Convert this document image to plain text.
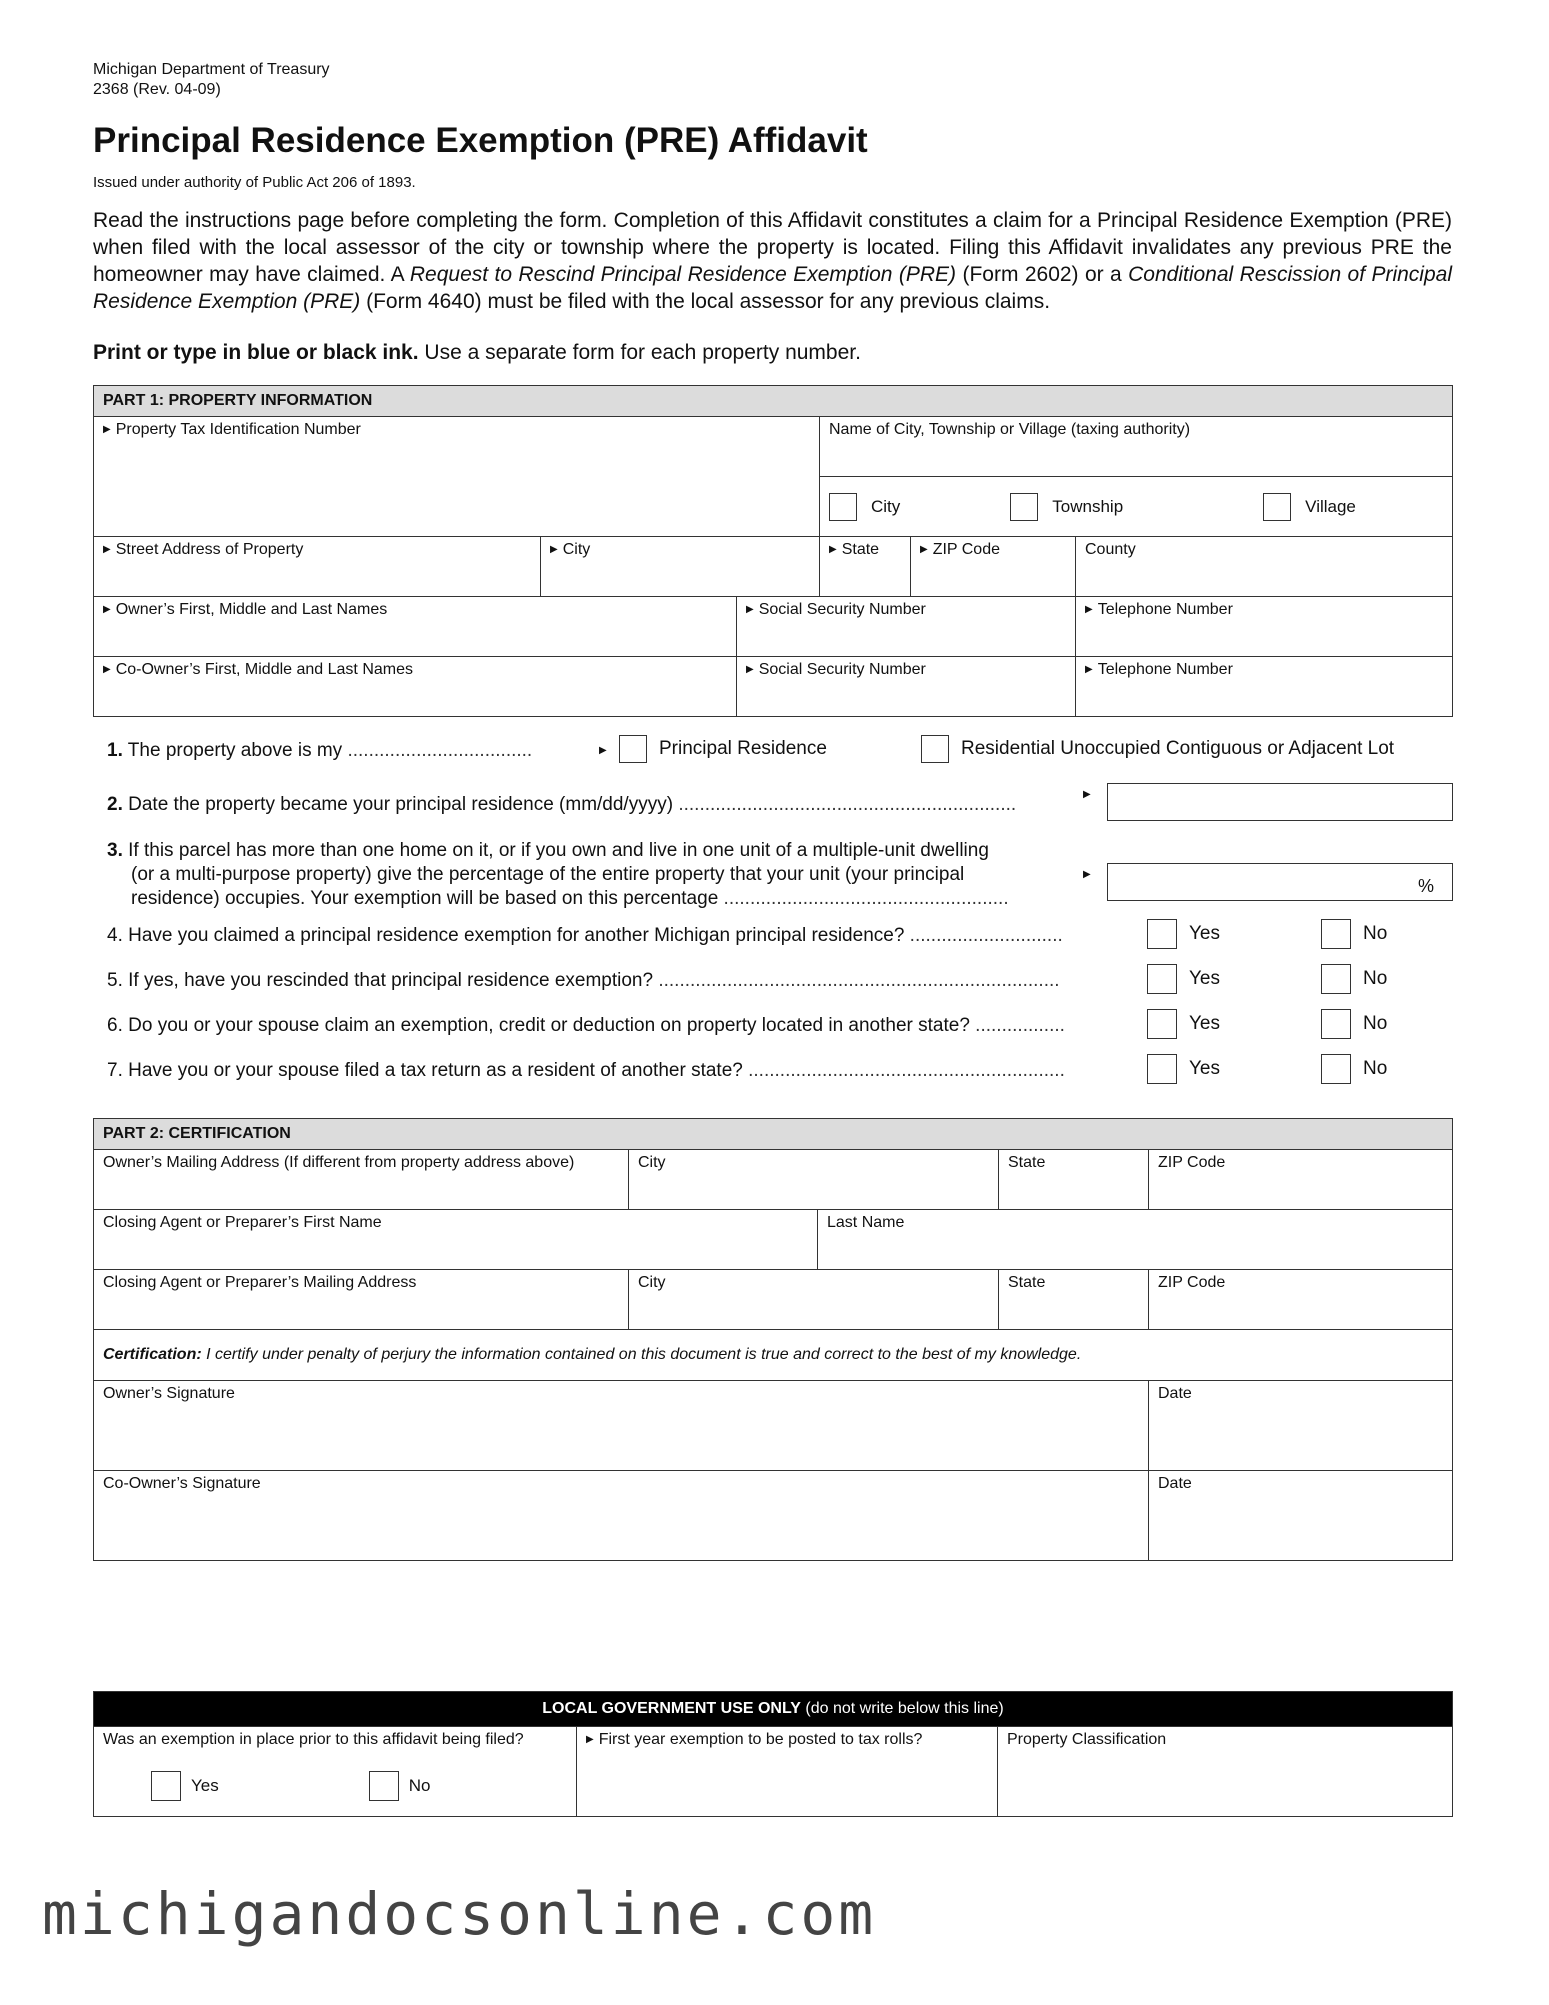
Michigan Department of Treasury
2368 (Rev. 04-09)
Principal Residence Exemption (PRE) Affidavit
Issued under authority of Public Act 206 of 1893.
Read the instructions page before completing the form. Completion of this Affidavit constitutes a claim for a Principal Residence Exemption (PRE) when filed with the local assessor of the city or township where the property is located. Filing this Affidavit invalidates any previous PRE the homeowner may have claimed. A Request to Rescind Principal Residence Exemption (PRE) (Form 2602) or a Conditional Rescission of Principal Residence Exemption (PRE) (Form 4640) must be filed with the local assessor for any previous claims.
Print or type in blue or black ink. Use a separate form for each property number.
PART 1: PROPERTY INFORMATION					
▶ Property Tax Identification Number			Name of City, Township or Village (taxing authority)		

			City Township Village		

▶ Street Address of Property	▶ City		▶ State	▶ ZIP Code	County
▶ Owner’s First, Middle and Last Names		▶ Social Security Number			▶ Telephone Number
▶ Co-Owner’s First, Middle and Last Names		▶ Social Security Number			▶ Telephone Number
1. The property above is my ...................................	▶	Principal Residence	Residential Unoccupied Contiguous or Adjacent Lot
2. Date the property became your principal residence (mm/dd/yyyy) ................................................................	▶
3. If this parcel has more than one home on it, or if you own and live in one unit of a multiple-unit dwelling
(or a multi-purpose property) give the percentage of the entire property that your unit (your principal
residence) occupies. Your exemption will be based on this percentage ......................................................
▶
%
4. Have you claimed a principal residence exemption for another Michigan principal residence? .............................	Yes	No
5. If yes, have you rescinded that principal residence exemption? ............................................................................	Yes	No
6. Do you or your spouse claim an exemption, credit or deduction on property located in another state? .................	Yes	No
7. Have you or your spouse filed a tax return as a resident of another state? ............................................................	Yes	No
PART 2: CERTIFICATION				
Owner’s Mailing Address (If different from property address above)	City		State	ZIP Code
Closing Agent or Preparer’s First Name		Last Name		
Closing Agent or Preparer’s Mailing Address	City		State	ZIP Code
Certification: I certify under penalty of perjury the information contained on this document is true and correct to the best of my knowledge.				
Owner’s Signature				Date
Co-Owner’s Signature				Date
LOCAL GOVERNMENT USE ONLY (do not write below this line)

Was an exemption in place prior to this affidavit being filed?
Yes	No
	▶ First year exemption to be posted to tax rolls?	Property Classification
michigandocsonline.com
